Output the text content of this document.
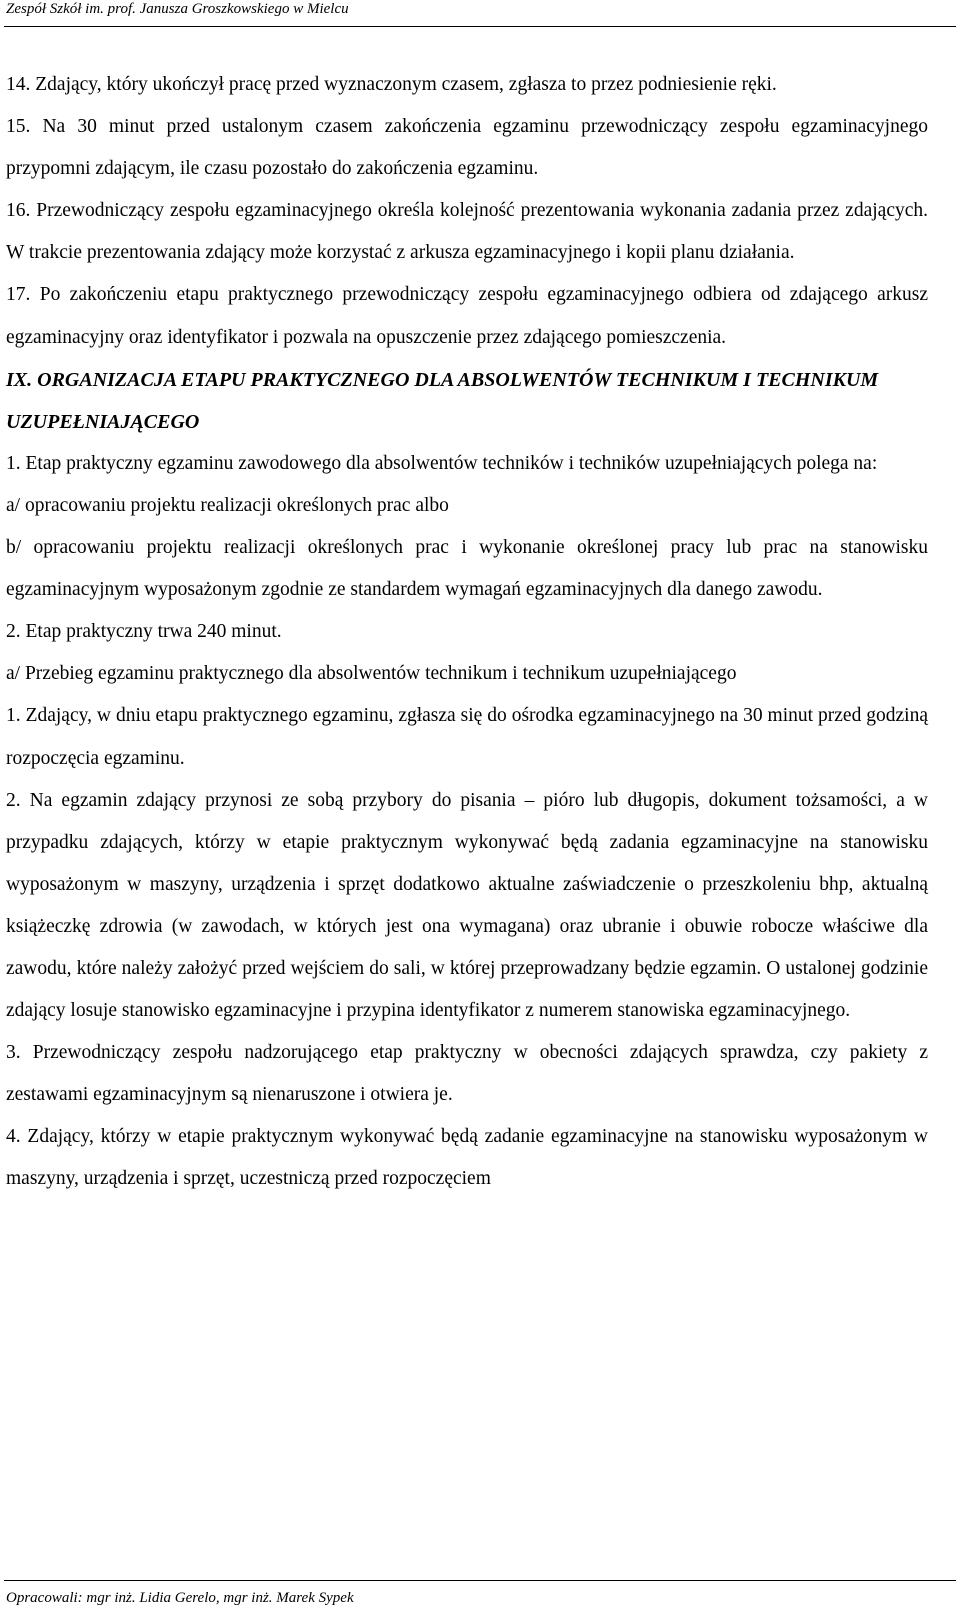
Zespół Szkół im. prof. Janusza Groszkowskiego w Mielcu

14. Zdający, który ukończył pracę przed wyznaczonym czasem, zgłasza to przez podniesienie ręki.

15. Na 30 minut przed ustalonym czasem zakończenia egzaminu przewodniczący zespołu egzaminacyjnego przypomni zdającym, ile czasu pozostało do zakończenia egzaminu.

16. Przewodniczący zespołu egzaminacyjnego określa kolejność prezentowania wykonania zadania przez zdających. W trakcie prezentowania zdający może korzystać z arkusza egzaminacyjnego i kopii planu działania.

17. Po zakończeniu etapu praktycznego przewodniczący zespołu egzaminacyjnego odbiera od zdającego arkusz egzaminacyjny oraz identyfikator i pozwala na opuszczenie przez zdającego pomieszczenia.

IX. ORGANIZACJA ETAPU PRAKTYCZNEGO DLA ABSOLWENTÓW TECHNIKUM I TECHNIKUM UZUPEŁNIAJĄCEGO

1. Etap praktyczny egzaminu zawodowego dla absolwentów techników i techników uzupełniających polega na:

a/ opracowaniu projektu realizacji określonych prac albo

b/ opracowaniu projektu realizacji określonych prac i wykonanie określonej pracy lub prac na stanowisku egzaminacyjnym wyposażonym zgodnie ze standardem wymagań egzaminacyjnych dla danego zawodu.

2. Etap praktyczny trwa 240 minut.

a/ Przebieg egzaminu praktycznego dla absolwentów technikum i technikum uzupełniającego

1. Zdający, w dniu etapu praktycznego egzaminu, zgłasza się do ośrodka egzaminacyjnego na 30 minut przed godziną rozpoczęcia egzaminu.

2. Na egzamin zdający przynosi ze sobą przybory do pisania – pióro lub długopis, dokument tożsamości, a w przypadku zdających, którzy w etapie praktycznym wykonywać będą zadania egzaminacyjne na stanowisku wyposażonym w maszyny, urządzenia i sprzęt dodatkowo aktualne zaświadczenie o przeszkoleniu bhp, aktualną książeczkę zdrowia (w zawodach, w których jest ona wymagana) oraz ubranie i obuwie robocze właściwe dla zawodu, które należy założyć przed wejściem do sali, w której przeprowadzany będzie egzamin. O ustalonej godzinie zdający losuje stanowisko egzaminacyjne i przypina identyfikator z numerem stanowiska egzaminacyjnego.

3. Przewodniczący zespołu nadzorującego etap praktyczny w obecności zdających sprawdza, czy pakiety z zestawami egzaminacyjnym są nienaruszone i otwiera je.

4. Zdający, którzy w etapie praktycznym wykonywać będą zadanie egzaminacyjne na stanowisku wyposażonym w maszyny, urządzenia i sprzęt, uczestniczą przed rozpoczęciem

Opracowali: mgr inż. Lidia Gerelo, mgr inż. Marek Sypek
